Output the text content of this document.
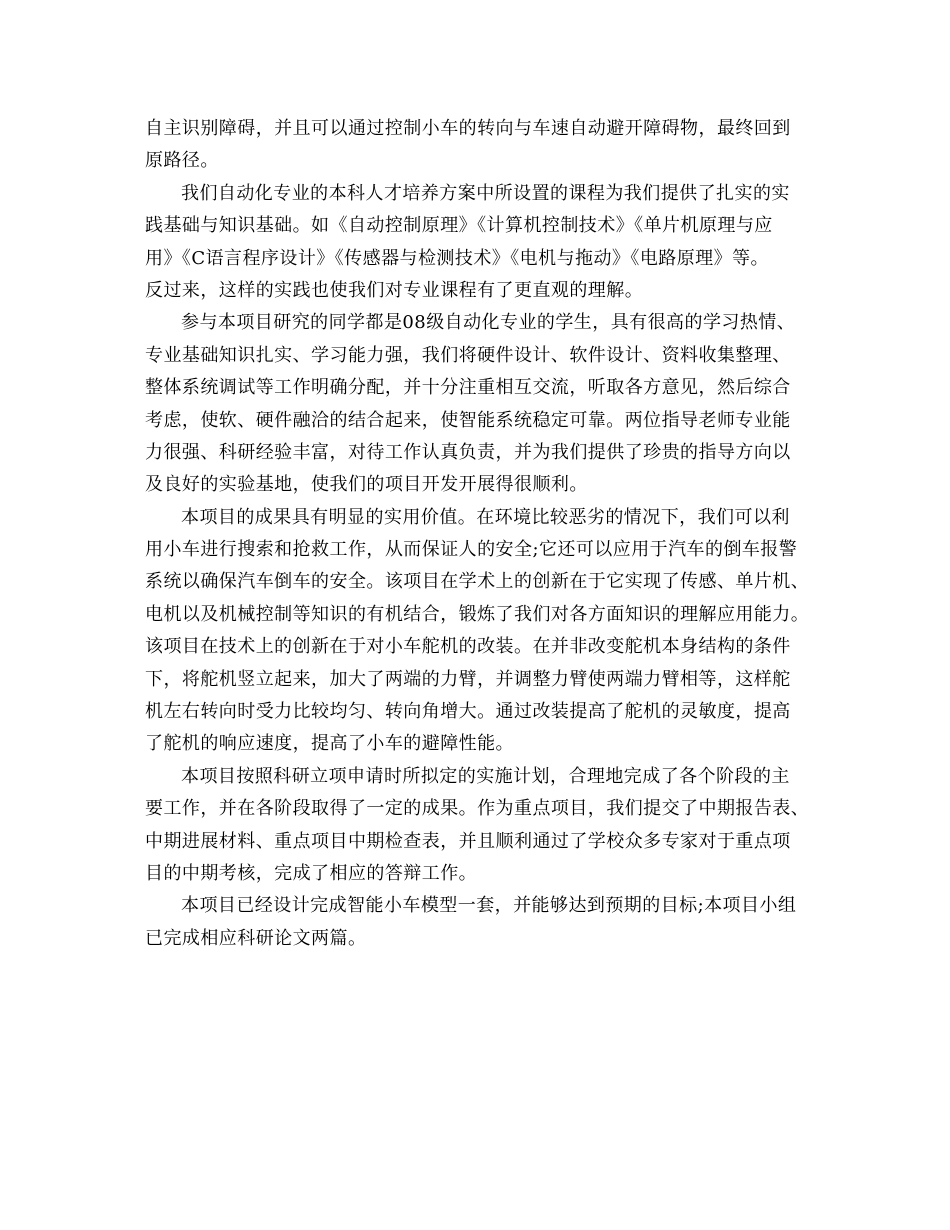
自主识别障碍，并且可以通过控制小车的转向与车速自动避开障碍物，最终回到
原路径。
我们自动化专业的本科人才培养方案中所设置的课程为我们提供了扎实的实
践基础与知识基础。如《自动控制原理》《计算机控制技术》《单片机原理与应
用》《C语言程序设计》《传感器与检测技术》《电机与拖动》《电路原理》等。
反过来，这样的实践也使我们对专业课程有了更直观的理解。
参与本项目研究的同学都是08级自动化专业的学生，具有很高的学习热情、
专业基础知识扎实、学习能力强，我们将硬件设计、软件设计、资料收集整理、
整体系统调试等工作明确分配，并十分注重相互交流，听取各方意见，然后综合
考虑，使软、硬件融洽的结合起来，使智能系统稳定可靠。两位指导老师专业能
力很强、科研经验丰富，对待工作认真负责，并为我们提供了珍贵的指导方向以
及良好的实验基地，使我们的项目开发开展得很顺利。
本项目的成果具有明显的实用价值。在环境比较恶劣的情况下，我们可以利
用小车进行搜索和抢救工作，从而保证人的安全;它还可以应用于汽车的倒车报警
系统以确保汽车倒车的安全。该项目在学术上的创新在于它实现了传感、单片机、
电机以及机械控制等知识的有机结合，锻炼了我们对各方面知识的理解应用能力。
该项目在技术上的创新在于对小车舵机的改装。在并非改变舵机本身结构的条件
下，将舵机竖立起来，加大了两端的力臂，并调整力臂使两端力臂相等，这样舵
机左右转向时受力比较均匀、转向角增大。通过改装提高了舵机的灵敏度，提高
了舵机的响应速度，提高了小车的避障性能。
本项目按照科研立项申请时所拟定的实施计划，合理地完成了各个阶段的主
要工作，并在各阶段取得了一定的成果。作为重点项目，我们提交了中期报告表、
中期进展材料、重点项目中期检查表，并且顺利通过了学校众多专家对于重点项
目的中期考核，完成了相应的答辩工作。
本项目已经设计完成智能小车模型一套，并能够达到预期的目标;本项目小组
已完成相应科研论文两篇。
